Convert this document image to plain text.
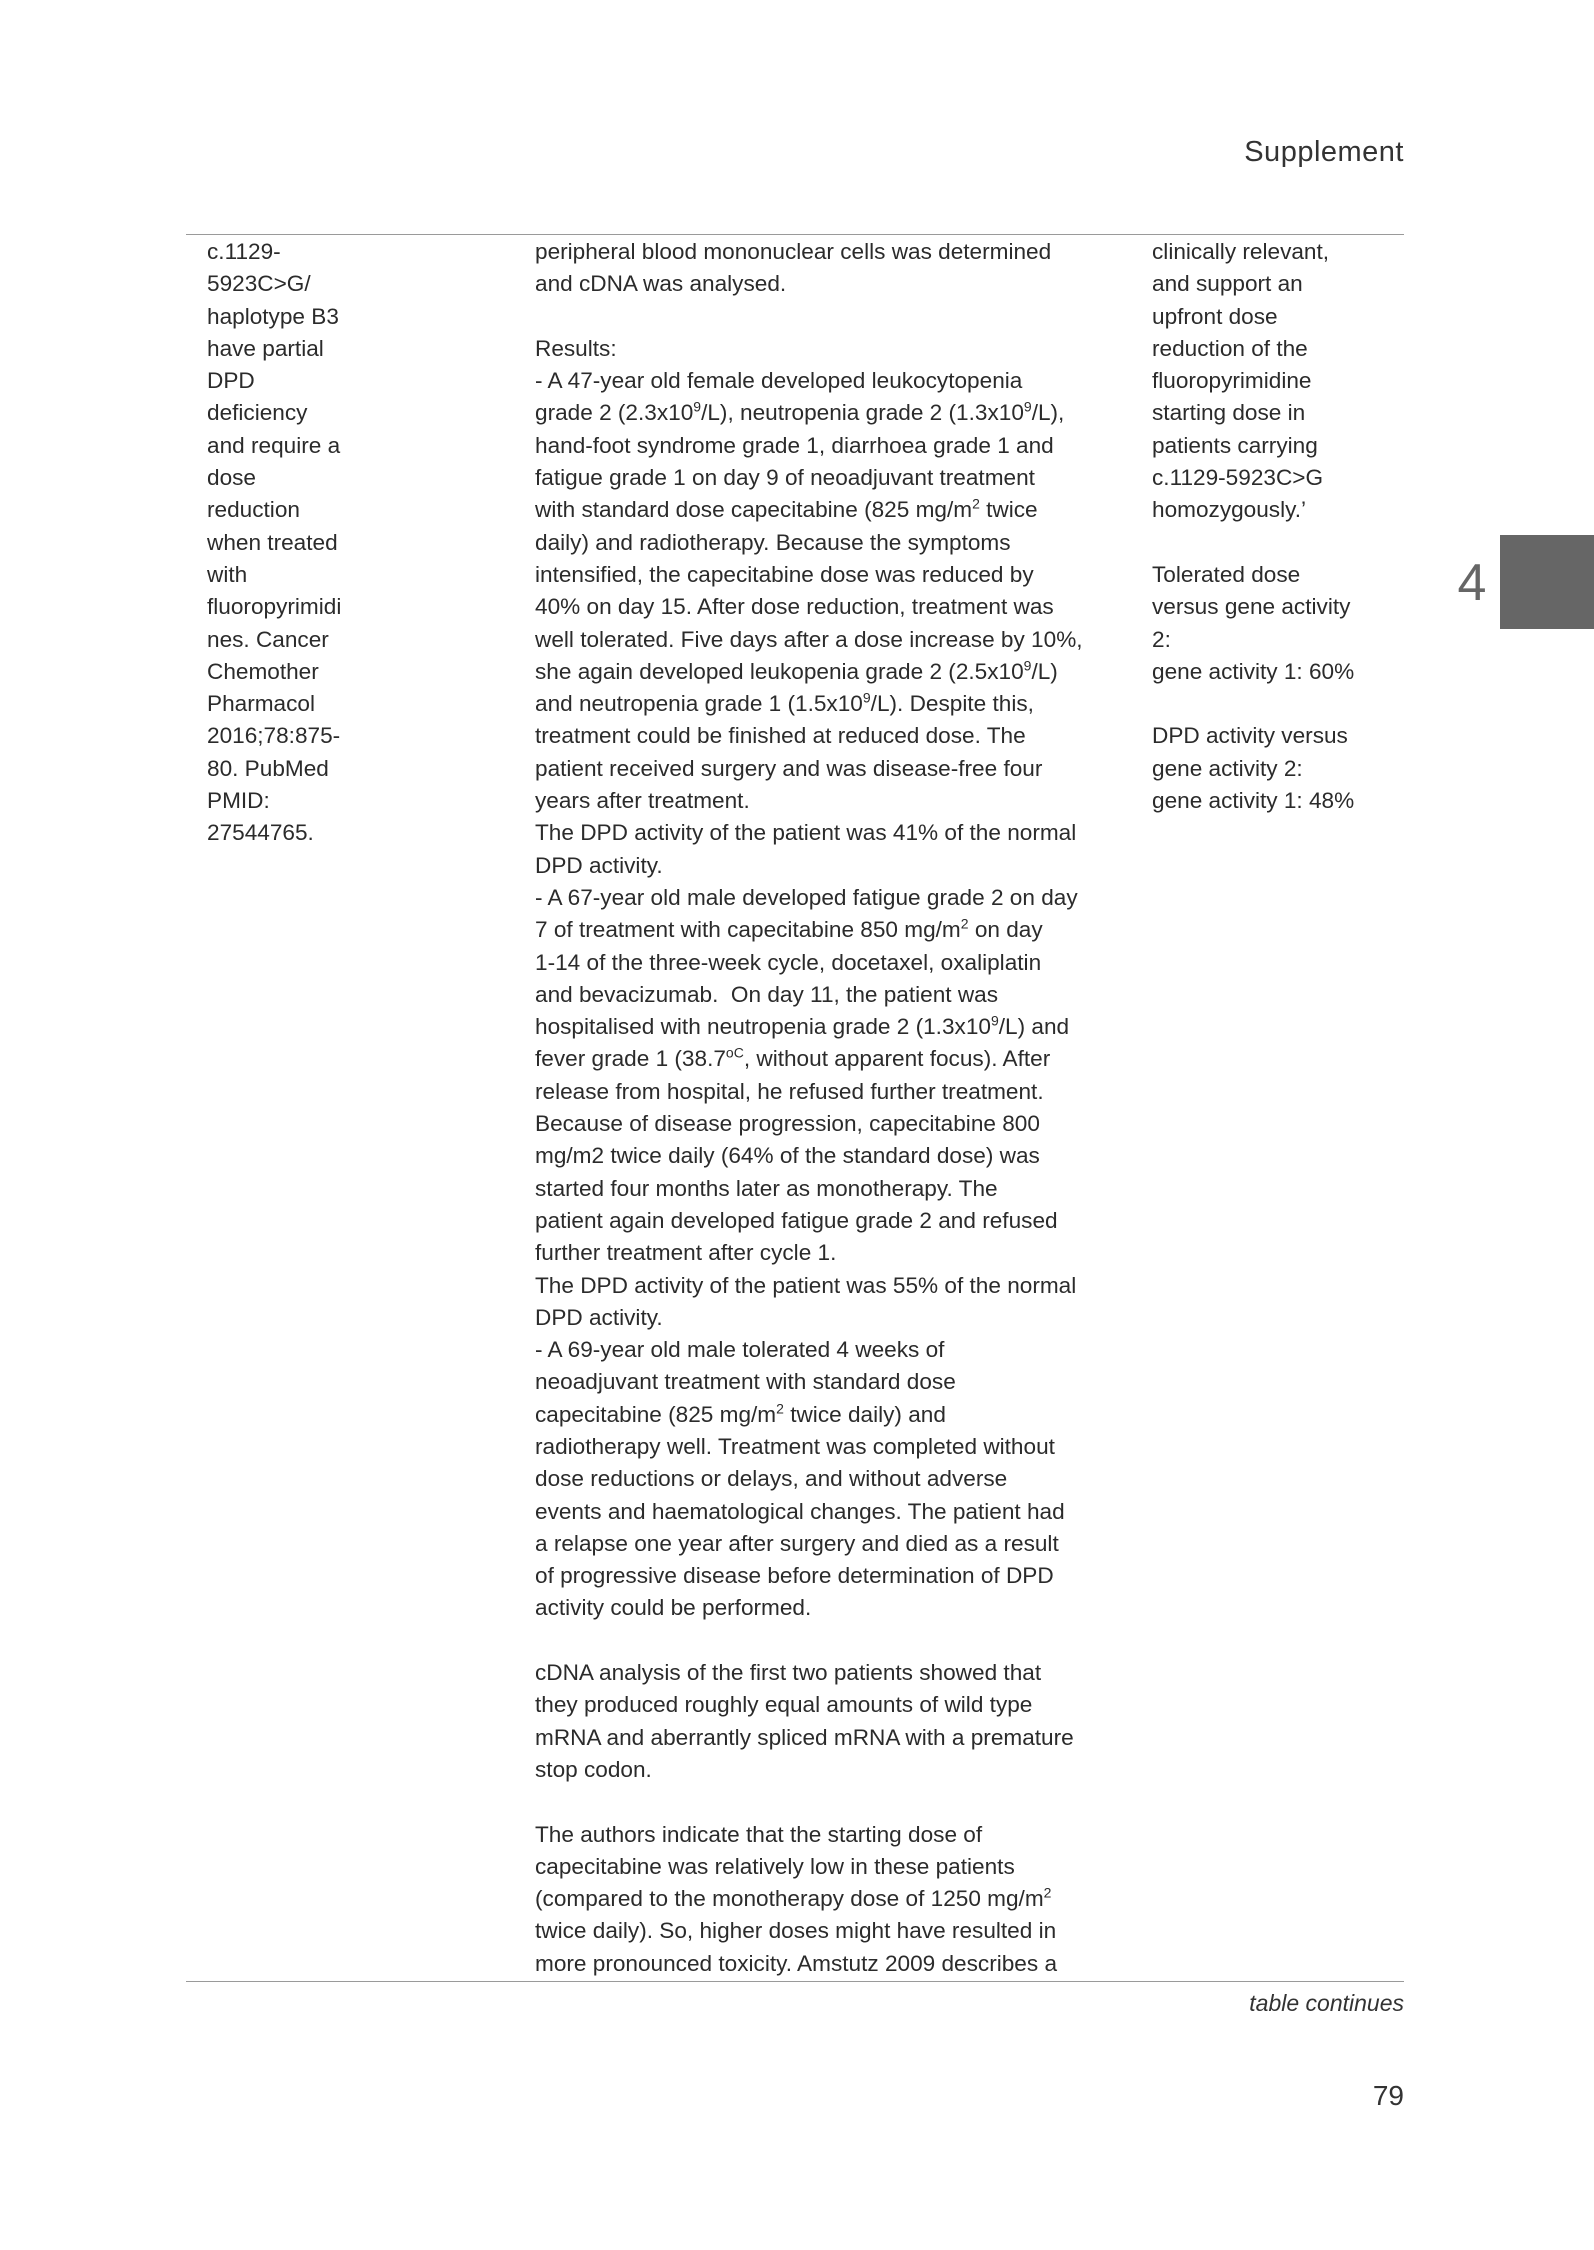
Supplement
c.1129-
5923C>G/
haplotype B3
have partial
DPD
deficiency
and require a
dose
reduction
when treated
with
fluoropyrimidi
nes. Cancer
Chemother
Pharmacol
2016;78:875-
80. PubMed
PMID:
27544765.
peripheral blood mononuclear cells was determined
and cDNA was analysed.
Results:
- A 47-year old female developed leukocytopenia
grade 2 $(2.3x10^9/L)$, neutropenia grade 2 $(1.3x10^9/L)$,
hand-foot syndrome grade 1, diarrhoea grade 1 and
fatigue grade 1 on day 9 of neoadjuvant treatment
with standard dose capecitabine (825 $mg/m^2$ twice
daily) and radiotherapy. Because the symptoms
intensified, the capecitabine dose was reduced by
40% on day 15. After dose reduction, treatment was
well tolerated. Five days after a dose increase by 10%,
she again developed leukopenia grade 2 $(2.5x10^9/L)$
and neutropenia grade 1 $(1.5x10^9/L)$. Despite this,
treatment could be finished at reduced dose. The
patient received surgery and was disease-free four
years after treatment.
The DPD activity of the patient was 41% of the normal
DPD activity.
- A 67-year old male developed fatigue grade 2 on day
7 of treatment with capecitabine 850 $mg/m^2$ on day
1-14 of the three-week cycle, docetaxel, oxaliplatin
and bevacizumab.  On day 11, the patient was
hospitalised with neutropenia grade 2 $(1.3x10^9/L)$ and
fever grade 1 ($38.7^{oC}$, without apparent focus). After
release from hospital, he refused further treatment.
Because of disease progression, capecitabine 800
mg/m2 twice daily (64% of the standard dose) was
started four months later as monotherapy. The
patient again developed fatigue grade 2 and refused
further treatment after cycle 1.
The DPD activity of the patient was 55% of the normal
DPD activity.
- A 69-year old male tolerated 4 weeks of
neoadjuvant treatment with standard dose
capecitabine (825 $mg/m^2$ twice daily) and
radiotherapy well. Treatment was completed without
dose reductions or delays, and without adverse
events and haematological changes. The patient had
a relapse one year after surgery and died as a result
of progressive disease before determination of DPD
activity could be performed.
cDNA analysis of the first two patients showed that
they produced roughly equal amounts of wild type
mRNA and aberrantly spliced mRNA with a premature
stop codon.
The authors indicate that the starting dose of
capecitabine was relatively low in these patients
(compared to the monotherapy dose of 1250 $mg/m^2$
twice daily). So, higher doses might have resulted in
more pronounced toxicity. Amstutz 2009 describes a
clinically relevant,
and support an
upfront dose
reduction of the
fluoropyrimidine
starting dose in
patients carrying
c.1129-5923C>G
homozygously.’
Tolerated dose
versus gene activity
2:
gene activity 1: 60%
DPD activity versus
gene activity 2:
gene activity 1: 48%
4
table continues
79
